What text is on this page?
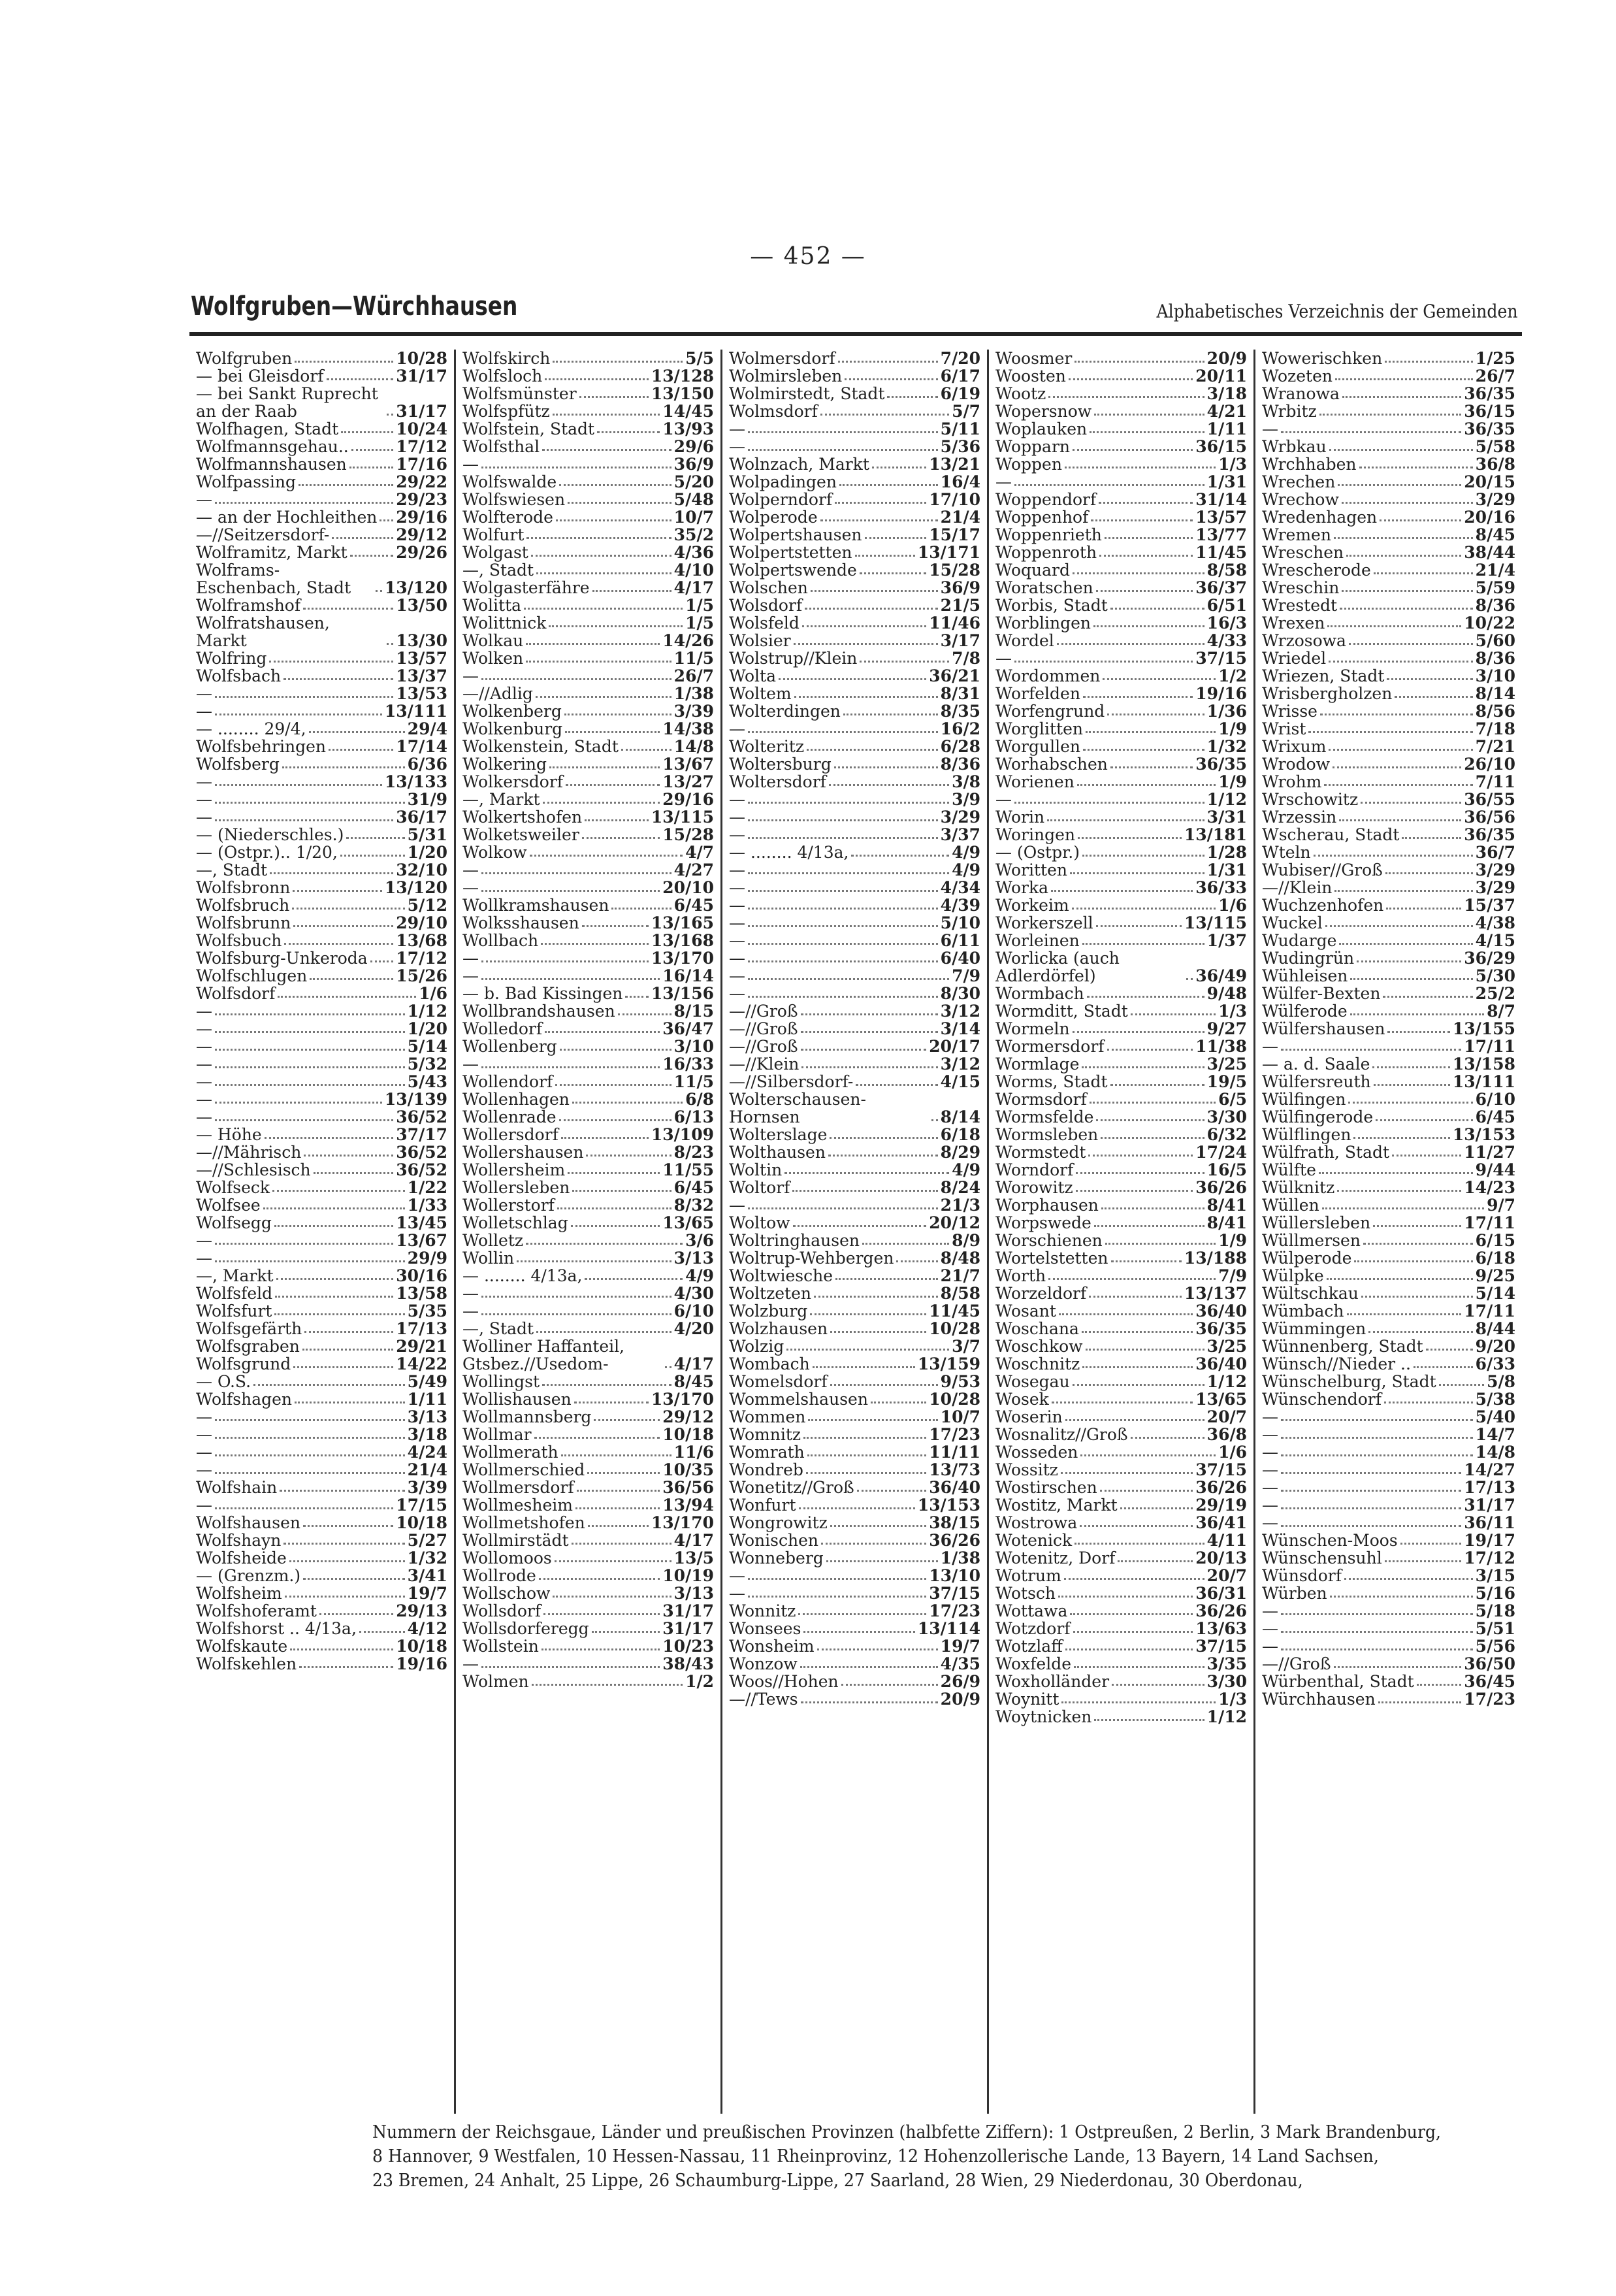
— 452 —
Wolfgruben—Würchhausen	Alphabetisches Verzeichnis der Gemeinden
Wolfgruben	10/28
— bei Gleisdorf	31/17
— bei Sankt Ruprecht an der Raab	31/17
Wolfhagen, Stadt	10/24
Wolfmannsgehau..	17/12
Wolfmannshausen	17/16
Wolfpassing	29/22
—	29/23
— an der Hochleithen 29/16
—//Seitzersdorf-	29/12
Wolframitz, Markt	29/26
Wolframs-Eschenbach, Stadt	13/120
Wolframshof	13/50
Wolfratshausen, Markt	13/30
Wolfring	13/57
Wolfsbach	13/37
—	13/53
—	13/111
— ........ 29/4,	29/4
Wolfsbehringen	17/14
Wolfsberg	6/36
—	13/133
—	31/9
—	36/17
— (Niederschles.)	5/31
— (Ostpr.).. 1/20,	1/20
—, Stadt	32/10
Wolfsbronn	13/120
Wolfsbruch	5/12
Wolfsbrunn	29/10
Wolfsbuch	13/68
Wolfsburg-Unkeroda 17/12
Wolfschlugen	15/26
Wolfsdorf	1/6
—	1/12
—	1/20
—	5/14
—	5/32
—	5/43
—	13/139
—	36/52
— Höhe	37/17
—//Mährisch	36/52
—//Schlesisch	36/52
Wolfseck	1/22
Wolfsee	1/33
Wolfsegg	13/45
—	13/67
—	29/9
—, Markt	30/16
Wolfsfeld	13/58
Wolfsfurt	5/35
Wolfsgefärth	17/13
Wolfsgraben	29/21
Wolfsgrund	14/22
— O.S.	5/49
Wolfshagen	1/11
—	3/13
—	3/18
—	4/24
—	21/4
Wolfshain	3/39
—	17/15
Wolfshausen	10/18
Wolfshayn	5/27
Wolfsheide	1/32
— (Grenzm.)	3/41
Wolfsheim	19/7
Wolfshoferamt	29/13
Wolfshorst .. 4/13a,	4/12
Wolfskaute	10/18
Wolfskehlen	19/16
Wolfskirch	5/5
Wolfsloch	13/128
Wolfsmünster	13/150
Wolfspfütz	14/45
Wolfstein, Stadt	13/93
Wolfsthal	29/6
—	36/9
Wolfswalde	5/20
Wolfswiesen	5/48
Wolfterode	10/7
Wolfurt	35/2
Wolgast	4/36
—, Stadt	4/10
Wolgasterfähre	4/17
Wolitta	1/5
Wolittnick	1/5
Wolkau	14/26
Wolken	11/5
—	26/7
—//Adlig	1/38
Wolkenberg	3/39
Wolkenburg	14/38
Wolkenstein, Stadt	14/8
Wolkering	13/67
Wolkersdorf	13/27
—, Markt	29/16
Wolkertshofen	13/115
Wolketsweiler	15/28
Wolkow	4/7
—	4/27
—	20/10
Wollkramshausen	6/45
Wolksshausen	13/165
Wollbach	13/168
—	13/170
—	16/14
— b. Bad Kissingen 13/156
Wollbrandshausen	8/15
Wolledorf	36/47
Wollenberg	3/10
—	16/33
Wollendorf	11/5
Wollenhagen	6/8
Wollenrade	6/13
Wollersdorf	13/109
Wollershausen	8/23
Wollersheim	11/55
Wollersleben	6/45
Wollerstorf	8/32
Wolletschlag	13/65
Wolletz	3/6
Wollin	3/13
— ........ 4/13a,	4/9
—	4/30
—	6/10
—, Stadt	4/20
Wolliner Haffanteil, Gtsbez.//Usedom-	4/17
Wollingst	8/45
Wollishausen	13/170
Wollmannsberg	29/12
Wollmar	10/18
Wollmerath	11/6
Wollmerschied	10/35
Wollmersdorf	36/56
Wollmesheim	13/94
Wollmetshofen	13/170
Wollmirstädt	4/17
Wollomoos	13/5
Wollrode	10/19
Wollschow	3/13
Wollsdorf	31/17
Wollsdorferegg	31/17
Wollstein	10/23
—	38/43
Wolmen	1/2
Wolmersdorf	7/20
Wolmirsleben	6/17
Wolmirstedt, Stadt	6/19
Wolmsdorf	5/7
—	5/11
—	5/36
Wolnzach, Markt	13/21
Wolpadingen	16/4
Wolperndorf	17/10
Wolperode	21/4
Wolpertshausen	15/17
Wolpertstetten	13/171
Wolpertswende	15/28
Wolschen	36/9
Wolsdorf	21/5
Wolsfeld	11/46
Wolsier	3/17
Wolstrup//Klein	7/8
Wolta	36/21
Woltem	8/31
Wolterdingen	8/35
—	16/2
Wolteritz	6/28
Woltersburg	8/36
Woltersdorf	3/8
—	3/9
—	3/29
—	3/37
— ........ 4/13a,	4/9
—	4/9
—	4/34
—	4/39
—	5/10
—	6/11
—	6/40
—	7/9
—	8/30
—//Groß	3/12
—//Groß	3/14
—//Groß	20/17
—//Klein	3/12
—//Silbersdorf-	4/15
Wolterschausen-Hornsen	8/14
Wolterslage	6/18
Wolthausen	8/29
Woltin	4/9
Woltorf	8/24
—	21/3
Woltow	20/12
Woltringhausen	8/9
Woltrup-Wehbergen	8/48
Woltwiesche	21/7
Woltzeten	8/58
Wolzburg	11/45
Wolzhausen	10/28
Wolzig	3/7
Wombach	13/159
Womelsdorf	9/53
Wommelshausen	10/28
Wommen	10/7
Womnitz	17/23
Womrath	11/11
Wondreb	13/73
Wonetitz//Groß	36/40
Wonfurt	13/153
Wongrowitz	38/15
Wonischen	36/26
Wonneberg	1/38
—	13/10
—	37/15
Wonnitz	17/23
Wonsees	13/114
Wonsheim	19/7
Wonzow	4/35
Woos//Hohen	26/9
—//Tews	20/9
Woosmer	20/9
Woosten	20/11
Wootz	3/18
Wopersnow	4/21
Woplauken	1/11
Wopparn	36/15
Woppen	1/3
—	1/31
Woppendorf	31/14
Woppenhof	13/57
Woppenrieth	13/77
Woppenroth	11/45
Woquard	8/58
Woratschen	36/37
Worbis, Stadt	6/51
Worblingen	16/3
Wordel	4/33
—	37/15
Wordommen	1/2
Worfelden	19/16
Worfengrund	1/36
Worglitten	1/9
Worgullen	1/32
Worhabschen	36/35
Worienen	1/9
—	1/12
Worin	3/31
Woringen	13/181
— (Ostpr.)	1/28
Woritten	1/31
Worka	36/33
Workeim	1/6
Workerszell	13/115
Worleinen	1/37
Worlicka (auch Adlerdörfel)	36/49
Wormbach	9/48
Wormditt, Stadt	1/3
Wormeln	9/27
Wormersdorf	11/38
Wormlage	3/25
Worms, Stadt	19/5
Wormsdorf	6/5
Wormsfelde	3/30
Wormsleben	6/32
Wormstedt	17/24
Worndorf	16/5
Worowitz	36/26
Worphausen	8/41
Worpswede	8/41
Worschienen	1/9
Wortelstetten	13/188
Worth	7/9
Worzeldorf	13/137
Wosant	36/40
Woschana	36/35
Woschkow	3/25
Woschnitz	36/40
Wosegau	1/12
Wosek	13/65
Woserin	20/7
Wosnalitz//Groß	36/8
Wosseden	1/6
Wossitz	37/15
Wostirschen	36/26
Wostitz, Markt	29/19
Wostrowa	36/41
Wotenick	4/11
Wotenitz, Dorf	20/13
Wotrum	20/7
Wotsch	36/31
Wottawa	36/26
Wotzdorf	13/63
Wotzlaff	37/15
Woxfelde	3/35
Woxholländer	3/30
Woynitt	1/3
Woytnicken	1/12
Wowerischken	1/25
Wozeten	26/7
Wranowa	36/35
Wrbitz	36/15
—	36/35
Wrbkau	5/58
Wrchhaben	36/8
Wrechen	20/15
Wrechow	3/29
Wredenhagen	20/16
Wremen	8/45
Wreschen	38/44
Wrescherode	21/4
Wreschin	5/59
Wrestedt	8/36
Wrexen	10/22
Wrzosowa	5/60
Wriedel	8/36
Wriezen, Stadt	3/10
Wrisbergholzen	8/14
Wrisse	8/56
Wrist	7/18
Wrixum	7/21
Wrodow	26/10
Wrohm	7/11
Wrschowitz	36/55
Wrzessin	36/56
Wscherau, Stadt	36/35
Wteln	36/7
Wubiser//Groß	3/29
—//Klein	3/29
Wuchzenhofen	15/37
Wuckel	4/38
Wudarge	4/15
Wudingrün	36/29
Wühleisen	5/30
Wülfer-Bexten	25/2
Wülferode	8/7
Wülfershausen	13/155
—	17/11
— a. d. Saale	13/158
Wülfersreuth	13/111
Wülfingen	6/10
Wülfingerode	6/45
Wülflingen	13/153
Wülfrath, Stadt	11/27
Wülfte	9/44
Wülknitz	14/23
Wüllen	9/7
Wüllersleben	17/11
Wüllmersen	6/15
Wülperode	6/18
Wülpke	9/25
Wültschkau	5/14
Wümbach	17/11
Wümmingen	8/44
Wünnenberg, Stadt	9/20
Wünsch//Nieder ..	6/33
Wünschelburg, Stadt	5/8
Wünschendorf	5/38
—	5/40
—	14/7
—	14/8
—	14/27
—	17/13
—	31/17
—	36/11
Wünschen-Moos	19/17
Wünschensuhl	17/12
Wünsdorf	3/15
Würben	5/16
—	5/18
—	5/51
—	5/56
—//Groß	36/50
Würbenthal, Stadt	36/45
Würchhausen	17/23
Nummern der Reichsgaue, Länder und preußischen Provinzen (halbfette Ziffern): 1 Ostpreußen, 2 Berlin, 3 Mark Brandenburg,
8 Hannover, 9 Westfalen, 10 Hessen-Nassau, 11 Rheinprovinz, 12 Hohenzollerische Lande, 13 Bayern, 14 Land Sachsen,
23 Bremen, 24 Anhalt, 25 Lippe, 26 Schaumburg-Lippe, 27 Saarland, 28 Wien, 29 Niederdonau, 30 Oberdonau,
